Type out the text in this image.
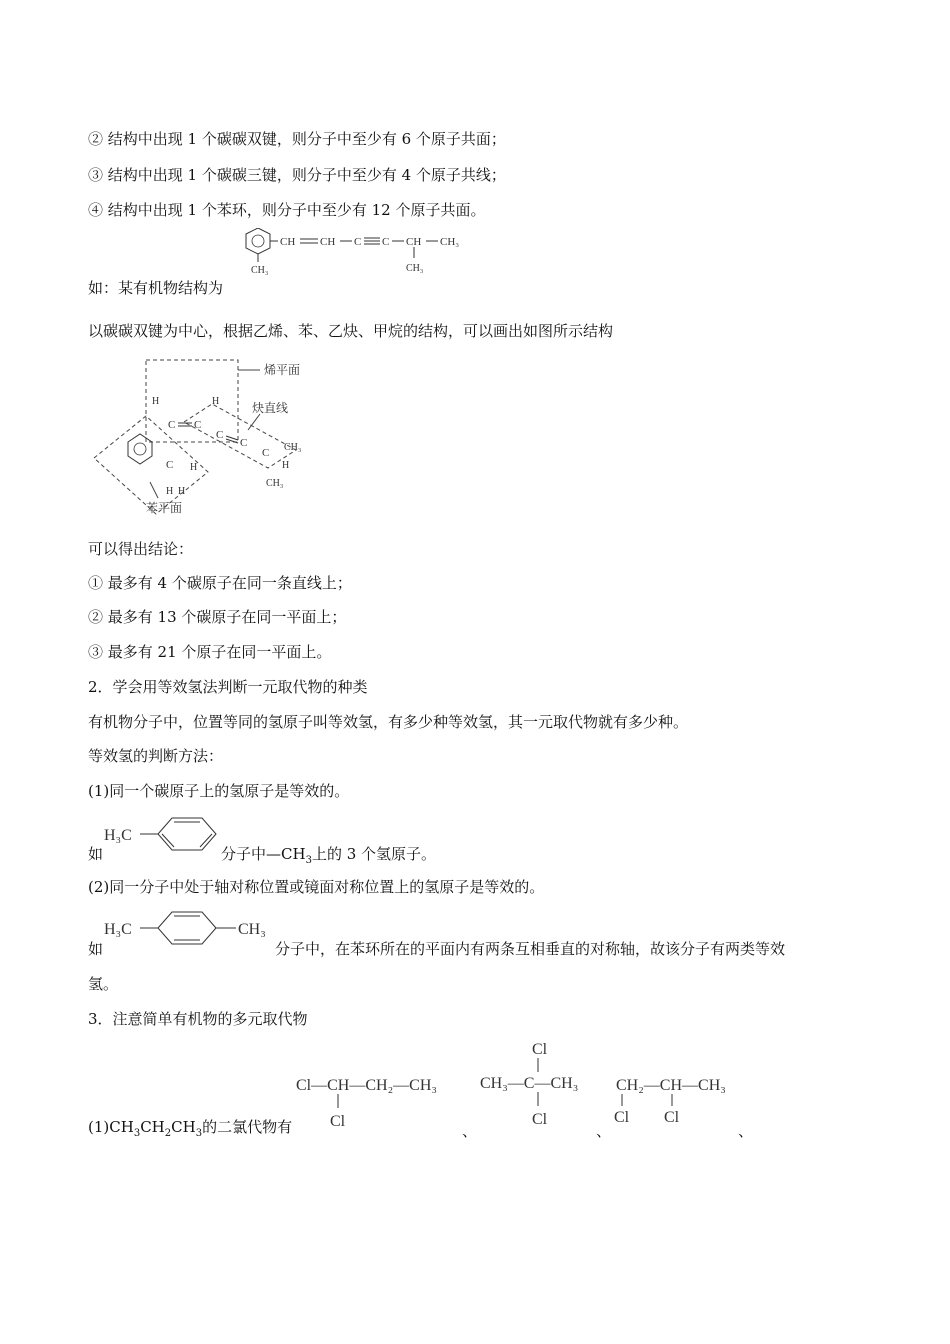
② 结构中出现 1 个碳碳双键，则分子中至少有 6 个原子共面；
③ 结构中出现 1 个碳碳三键，则分子中至少有 4 个原子共线；
④ 结构中出现 1 个苯环，则分子中至少有 12 个原子共面。
CH₃
CH CH C C CH CH₃
CH₃
如：某有机物结构为
以碳碳双键为中心，根据乙烯、苯、乙炔、甲烷的结构，可以画出如图所示结构
烯平面
H
C C
H
C
C
C CH₃
H
CH₃
炔直线
C H
H
H
苯平面
可以得出结论：
① 最多有 4 个碳原子在同一条直线上；
② 最多有 13 个碳原子在同一平面上；
③ 最多有 21 个原子在同一平面上。
2．学会用等效氢法判断一元取代物的种类
有机物分子中，位置等同的氢原子叫等效氢，有多少种等效氢，其一元取代物就有多少种。
等效氢的判断方法：
(1)同一个碳原子上的氢原子是等效的。
H₃C
如	分子中$—CH_3$上的 3 个氢原子。
(2)同一分子中处于轴对称位置或镜面对称位置上的氢原子是等效的。
H₃C	CH₃
如	分子中，在苯环所在的平面内有两条互相垂直的对称轴，故该分子有两类等效
氢。
3．注意简单有机物的多元取代物
Cl—CH—CH₂—CH₃
Cl
CH₃—C—CH₃
Cl
Cl
CH₂—CH—CH₃
Cl Cl
$(1)CH_3CH_2CH_3$的二氯代物有	、	、	、
